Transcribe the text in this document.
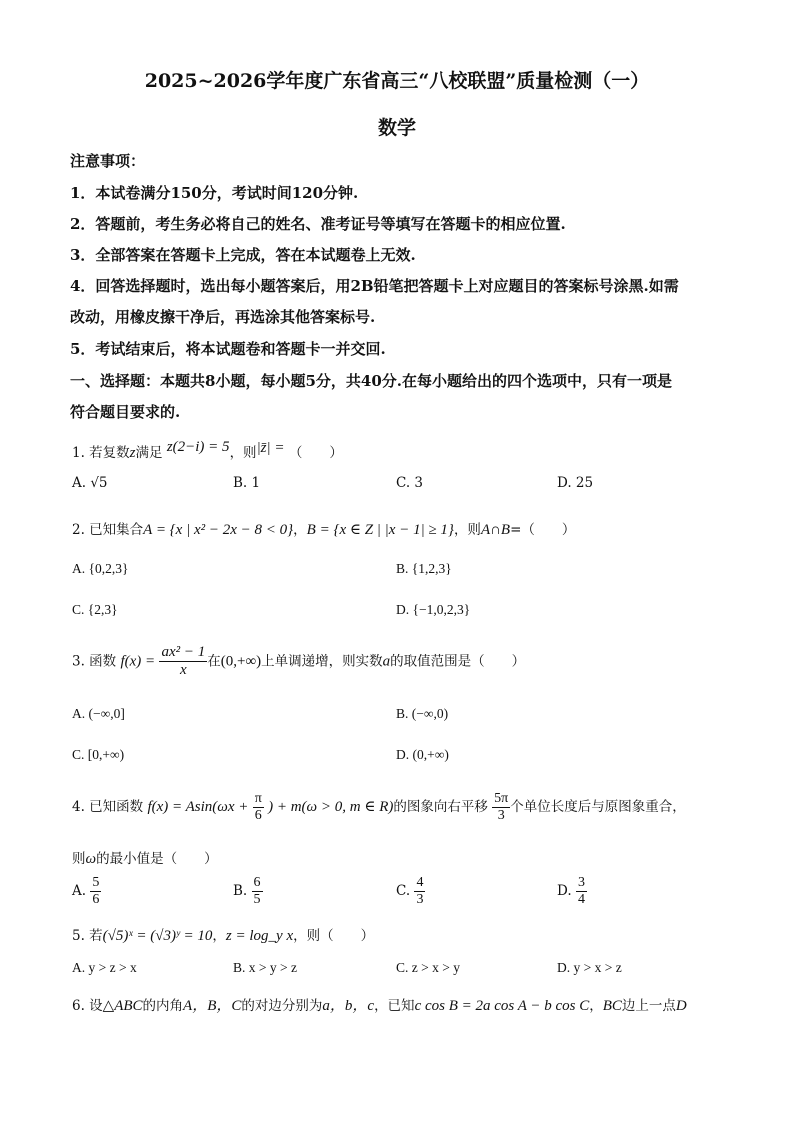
2025~2026学年度广东省高三“八校联盟”质量检测（一）
数学
注意事项：
1．本试卷满分150分，考试时间120分钟.
2．答题前，考生务必将自己的姓名、准考证号等填写在答题卡的相应位置.
3．全部答案在答题卡上完成，答在本试题卷上无效.
4．回答选择题时，选出每小题答案后，用2B铅笔把答题卡上对应题目的答案标号涂黑.如需
改动，用橡皮擦干净后，再选涂其他答案标号.
5．考试结束后，将本试题卷和答题卡一并交回.
一、选择题：本题共8小题，每小题5分，共40分.在每小题给出的四个选项中，只有一项是
符合题目要求的.
1. 若复数z满足 z(2−i) = 5，则|z̄| = （　　）
A. √5	B. 1	C. 3	D. 25
2. 已知集合A = {x | x² − 2x − 8 < 0}，B = {x ∈ Z | |x − 1| ≥ 1}，则A∩B=（　　）
A. {0,2,3}	B. {1,2,3}
C. {2,3}	D. {−1,0,2,3}
3. 函数 $f(x) = \frac{\text{ax² − 1}}{x}$ 在(0,+∞)上单调递增，则实数a的取值范围是（　　）
A. (−∞,0]	B. (−∞,0)
C. [0,+∞)	D. (0,+∞)
4. 已知函数 $f(x) = Asin(\omega x + \frac{\pi}{6}$ ) + m(ω > 0, m ∈ R)的图象向右平移 $\frac{5\pi}{3}$ 个单位长度后与原图象重合，
则ω的最小值是（　　）
A. $\frac{5}{6}$	B. $\frac{6}{5}$	C. $\frac{4}{3}$	D. $\frac{3}{4}$
5. 若(√5)ˣ = (√3)ʸ = 10，z = log_y x，则（　　）
A. y > z > x	B. x > y > z	C. z > x > y	D. y > x > z
6. 设△ABC的内角A，B，C的对边分别为a，b，c，已知c cos B = 2a cos A − b cos C，BC边上一点D
